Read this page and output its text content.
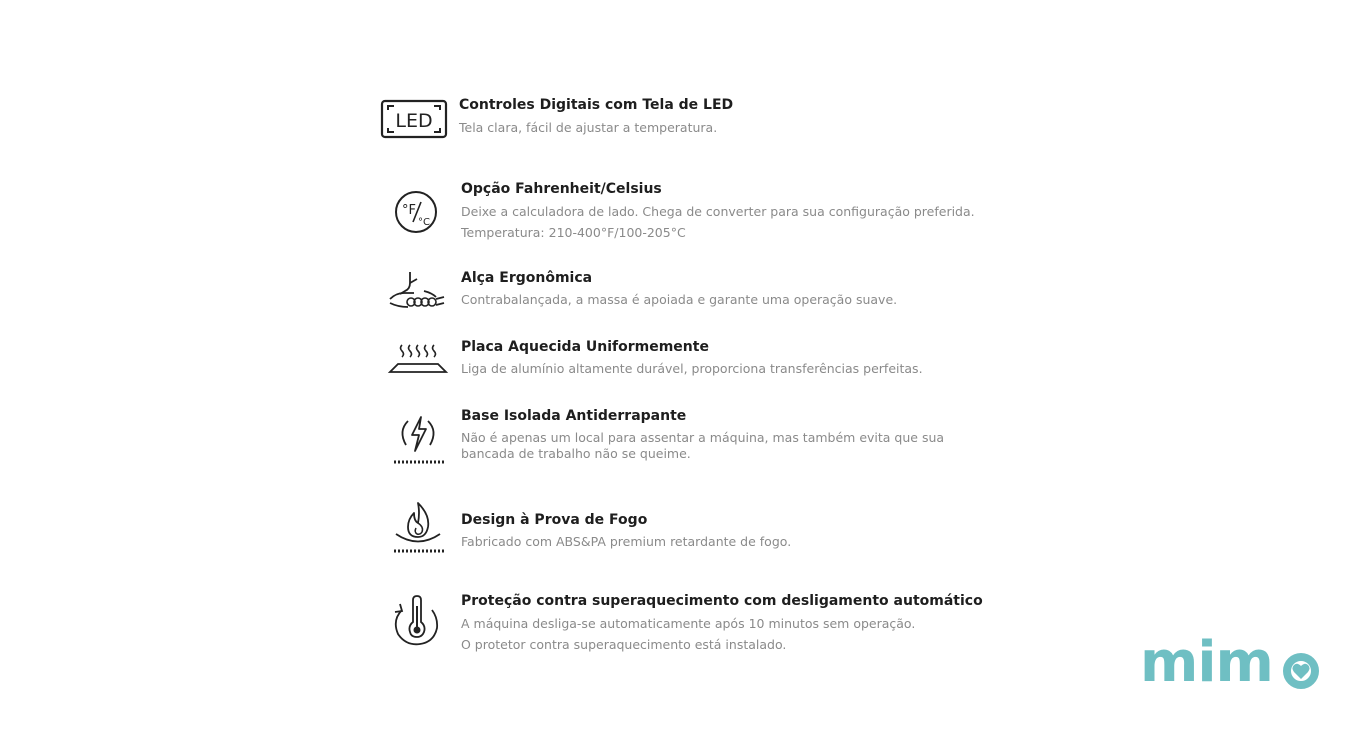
LED
Controles Digitais com Tela de LED
Tela clara, fácil de ajustar a temperatura.
°F
°C
Opção Fahrenheit/Celsius
Deixe a calculadora de lado. Chega de converter para sua configuração preferida.
Temperatura: 210-400°F/100-205°C
Alça Ergonômica
Contrabalançada, a massa é apoiada e garante uma operação suave.
Placa Aquecida Uniformemente
Liga de alumínio altamente durável, proporciona transferências perfeitas.
Base Isolada Antiderrapante
Não é apenas um local para assentar a máquina, mas também evita que sua
bancada de trabalho não se queime.
Design à Prova de Fogo
Fabricado com ABS&PA premium retardante de fogo.
Proteção contra superaquecimento com desligamento automático
A máquina desliga-se automaticamente após 10 minutos sem operação.
O protetor contra superaquecimento está instalado.	mim
